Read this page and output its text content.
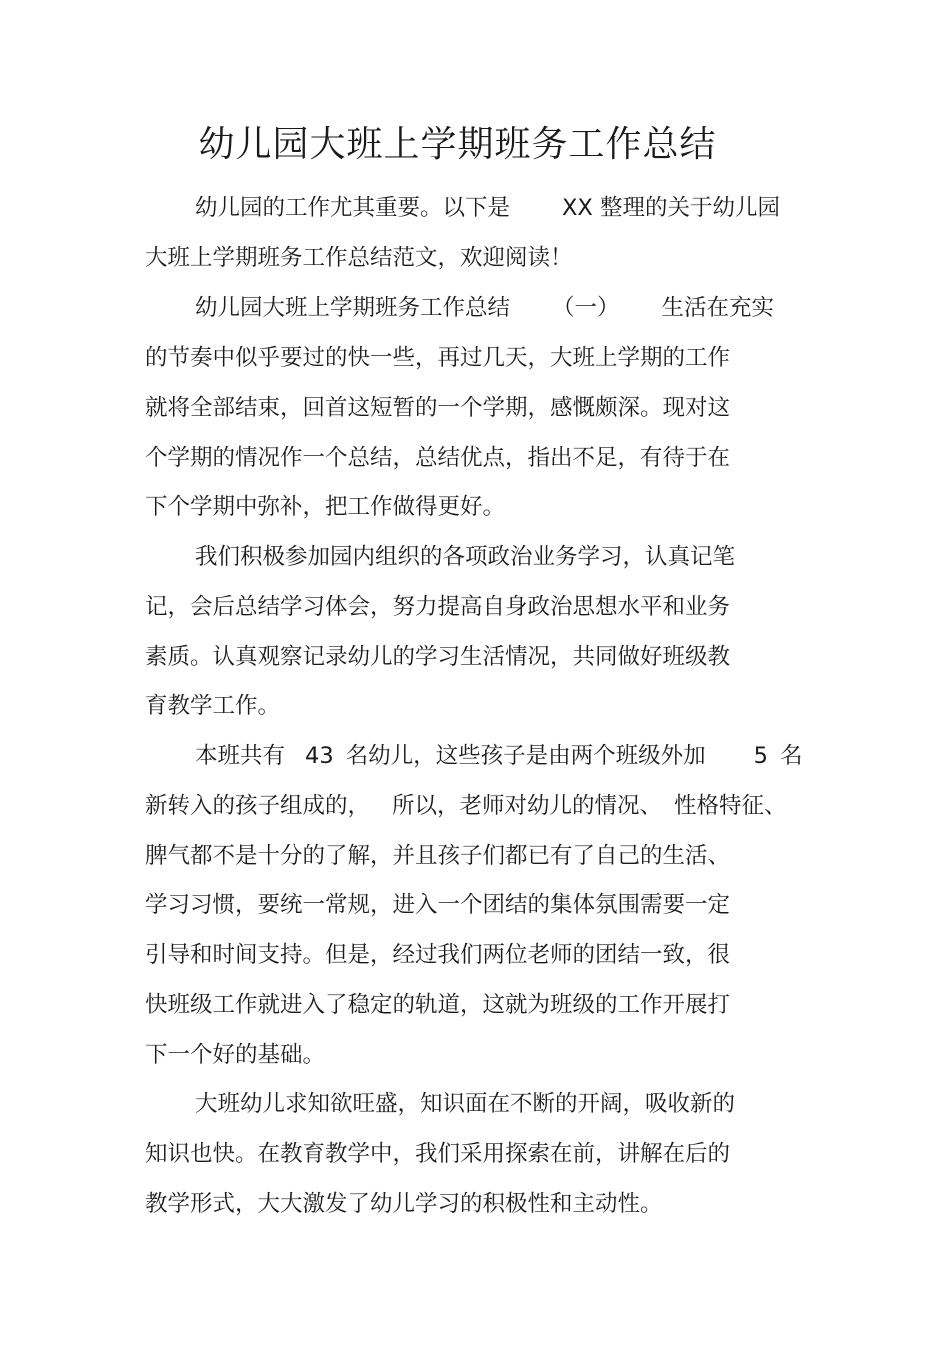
幼儿园大班上学期班务工作总结
幼儿园的工作尤其重要。以下是 XX 整理的关于幼儿园
大班上学期班务工作总结范文，欢迎阅读！
幼儿园大班上学期班务工作总结 （一） 生活在充实
的节奏中似乎要过的快一些，再过几天，大班上学期的工作
就将全部结束，回首这短暂的一个学期，感慨颇深。现对这
个学期的情况作一个总结，总结优点，指出不足，有待于在
下个学期中弥补，把工作做得更好。
我们积极参加园内组织的各项政治业务学习，认真记笔
记，会后总结学习体会，努力提高自身政治思想水平和业务
素质。认真观察记录幼儿的学习生活情况，共同做好班级教
育教学工作。
本班共有 43 名幼儿，这些孩子是由两个班级外加 5 名
新转入的孩子组成的， 所以，老师对幼儿的情况、 性格特征、
脾气都不是十分的了解，并且孩子们都已有了自己的生活、
学习习惯，要统一常规，进入一个团结的集体氛围需要一定
引导和时间支持。但是，经过我们两位老师的团结一致，很
快班级工作就进入了稳定的轨道，这就为班级的工作开展打
下一个好的基础。
大班幼儿求知欲旺盛，知识面在不断的开阔，吸收新的
知识也快。在教育教学中，我们采用探索在前，讲解在后的
教学形式，大大激发了幼儿学习的积极性和主动性。
